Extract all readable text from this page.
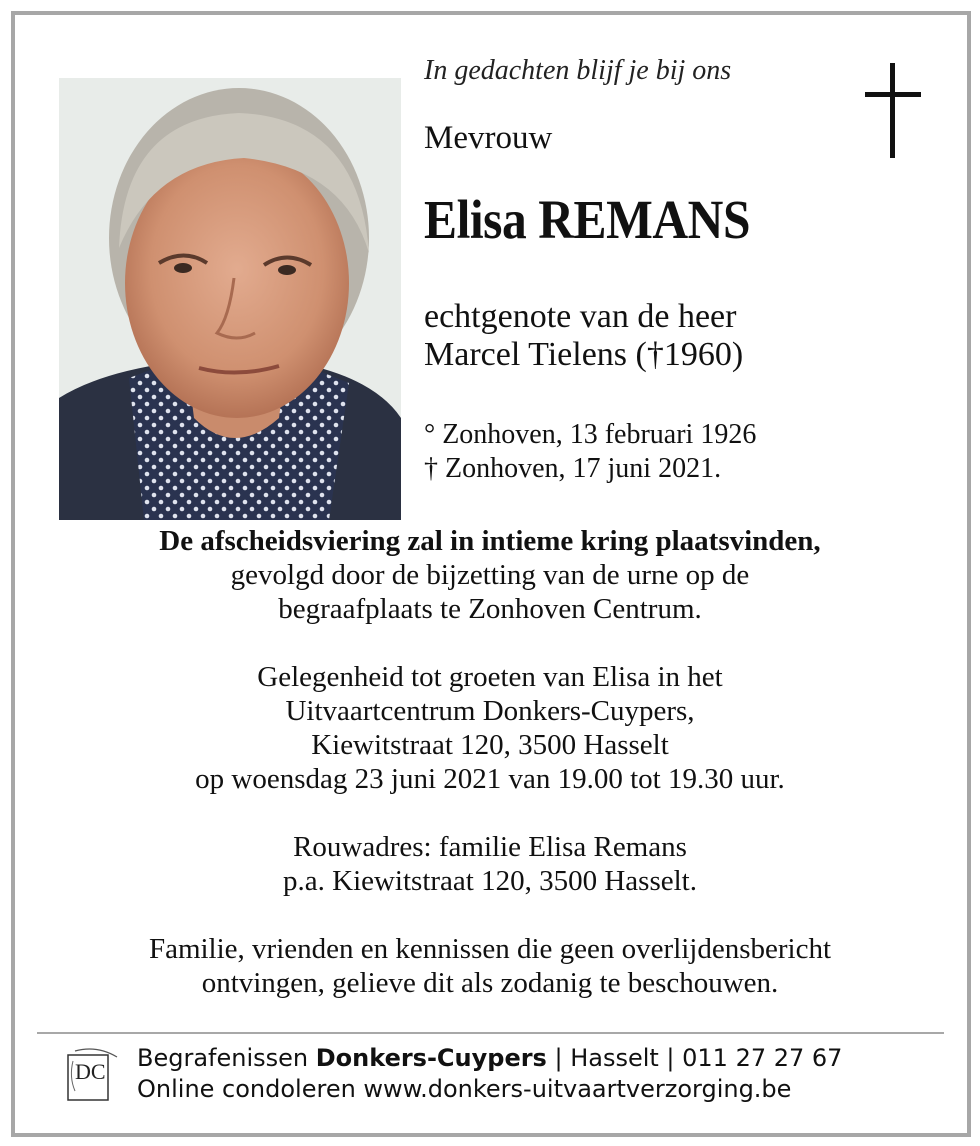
In gedachten blijf je bij ons
Mevrouw
Elisa REMANS
echtgenote van de heer
Marcel Tielens (†1960)
° Zonhoven, 13 februari 1926
† Zonhoven, 17 juni 2021.

De afscheidsviering zal in intieme kring plaatsvinden,

gevolgd door de bijzetting van de urne op de

begraafplaats te Zonhoven Centrum.

Gelegenheid tot groeten van Elisa in het

Uitvaartcentrum Donkers-Cuypers,

Kiewitstraat 120, 3500 Hasselt

op woensdag 23 juni 2021 van 19.00 tot 19.30 uur.

Rouwadres: familie Elisa Remans

p.a. Kiewitstraat 120, 3500 Hasselt.

Familie, vrienden en kennissen die geen overlijdensbericht

ontvingen, gelieve dit als zodanig te beschouwen.

DC Begrafenissen Donkers-Cuypers | Hasselt | 011 27 27 67
Online condoleren www.donkers-uitvaartverzorging.be
